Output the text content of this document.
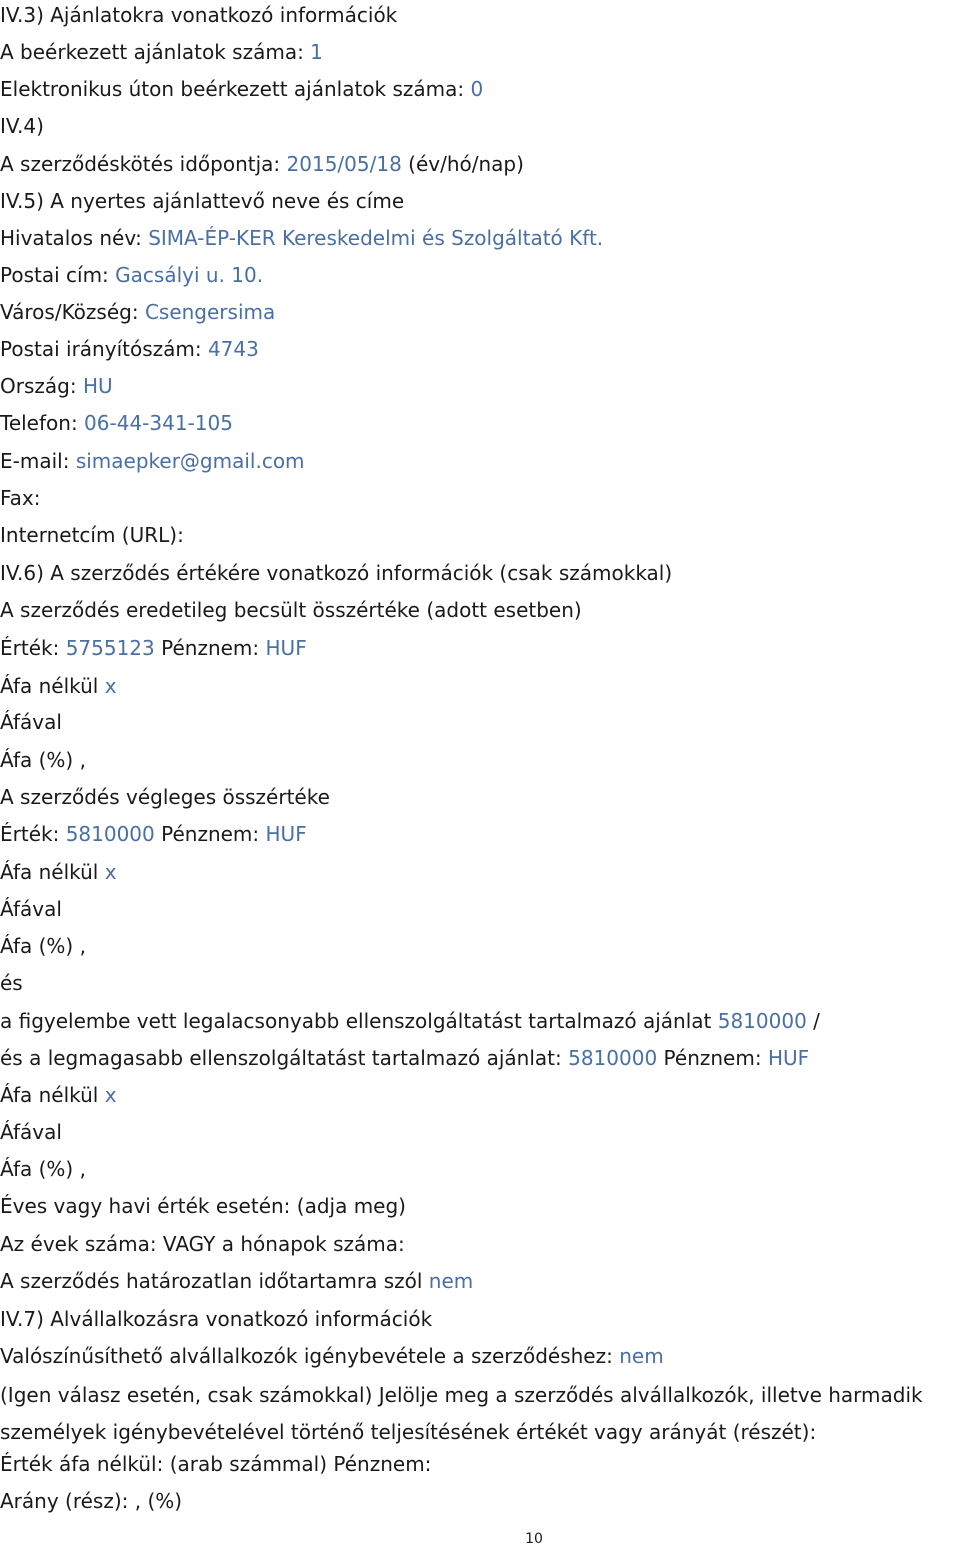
IV.3) Ajánlatokra vonatkozó információk
A beérkezett ajánlatok száma: 1
Elektronikus úton beérkezett ajánlatok száma: 0
IV.4)
A szerződéskötés időpontja: 2015/05/18 (év/hó/nap)
IV.5) A nyertes ajánlattevő neve és címe
Hivatalos név: SIMA-ÉP-KER Kereskedelmi és Szolgáltató Kft.
Postai cím: Gacsályi u. 10.
Város/Község: Csengersima
Postai irányítószám: 4743
Ország: HU
Telefon: 06-44-341-105
E-mail: simaepker@gmail.com
Fax:
Internetcím (URL):
IV.6) A szerződés értékére vonatkozó információk (csak számokkal)
A szerződés eredetileg becsült összértéke (adott esetben)
Érték: 5755123 Pénznem: HUF
Áfa nélkül x
Áfával
Áfa (%) ,
A szerződés végleges összértéke
Érték: 5810000 Pénznem: HUF
Áfa nélkül x
Áfával
Áfa (%) ,
és
a figyelembe vett legalacsonyabb ellenszolgáltatást tartalmazó ajánlat 5810000 /
és a legmagasabb ellenszolgáltatást tartalmazó ajánlat: 5810000 Pénznem: HUF
Áfa nélkül x
Áfával
Áfa (%) ,
Éves vagy havi érték esetén: (adja meg)
Az évek száma: VAGY a hónapok száma:
A szerződés határozatlan időtartamra szól nem
IV.7) Alvállalkozásra vonatkozó információk
Valószínűsíthető alvállalkozók igénybevétele a szerződéshez: nem
(Igen válasz esetén, csak számokkal) Jelölje meg a szerződés alvállalkozók, illetve harmadik személyek igénybevételével történő teljesítésének értékét vagy arányát (részét):
Érték áfa nélkül: (arab számmal) Pénznem:
Arány (rész): , (%)
10
